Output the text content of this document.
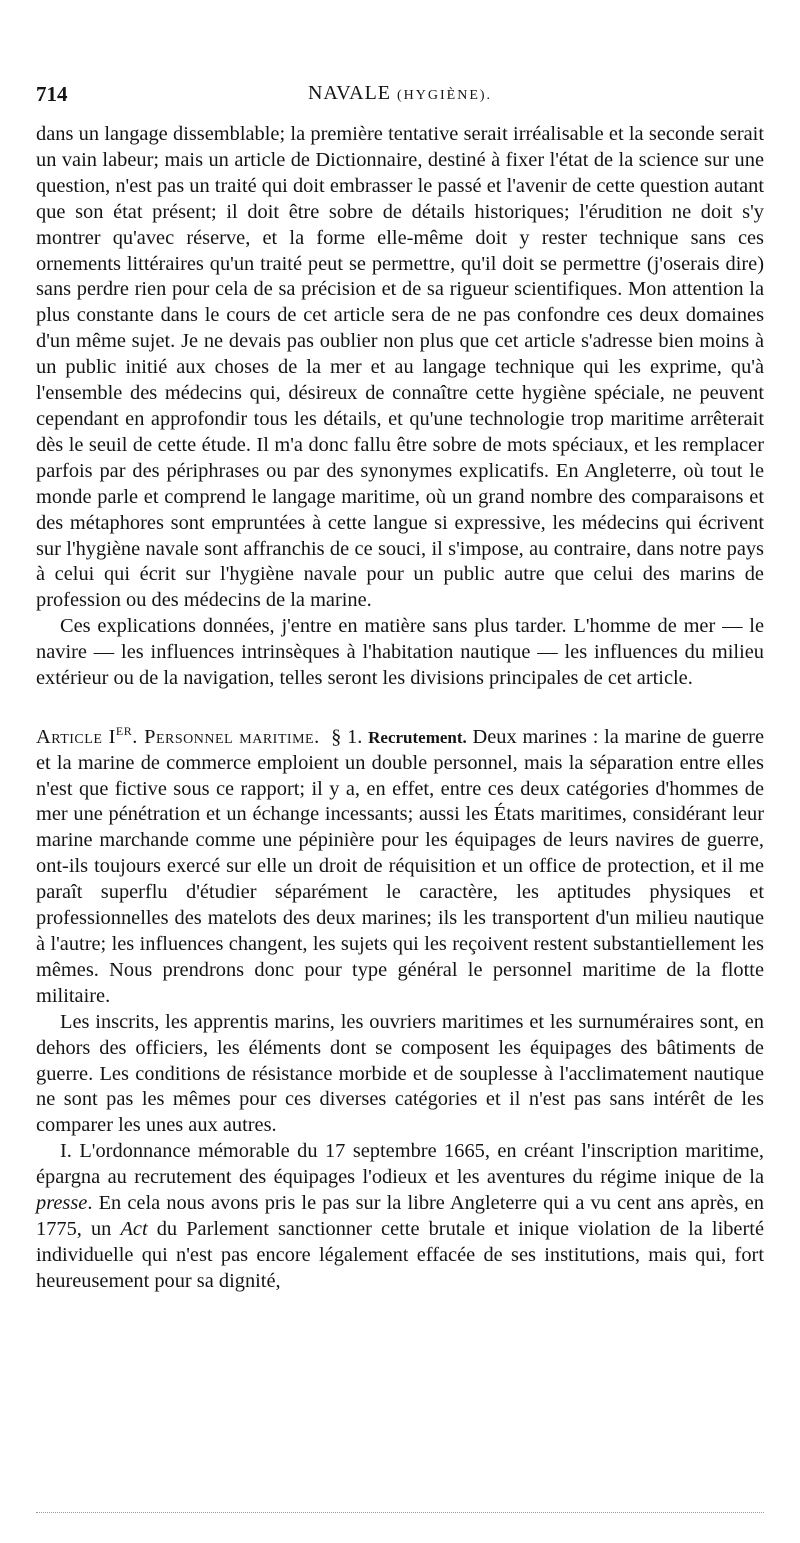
714	NAVALE (HYGIÈNE).

dans un langage dissemblable; la première tentative serait irréalisable et la seconde serait un vain labeur; mais un article de Dictionnaire, destiné à fixer l'état de la science sur une question, n'est pas un traité qui doit embrasser le passé et l'avenir de cette question autant que son état présent; il doit être sobre de détails historiques; l'érudition ne doit s'y montrer qu'avec réserve, et la forme elle-même doit y rester technique sans ces ornements littéraires qu'un traité peut se permettre, qu'il doit se permettre (j'oserais dire) sans perdre rien pour cela de sa précision et de sa rigueur scientifiques. Mon attention la plus constante dans le cours de cet article sera de ne pas confondre ces deux domaines d'un même sujet. Je ne devais pas oublier non plus que cet article s'adresse bien moins à un public initié aux choses de la mer et au langage technique qui les exprime, qu'à l'ensemble des médecins qui, désireux de connaître cette hygiène spéciale, ne peuvent cependant en approfondir tous les détails, et qu'une technologie trop maritime arrêterait dès le seuil de cette étude. Il m'a donc fallu être sobre de mots spéciaux, et les remplacer parfois par des périphrases ou par des synonymes explicatifs. En Angleterre, où tout le monde parle et comprend le langage maritime, où un grand nombre des comparaisons et des métaphores sont empruntées à cette langue si expressive, les médecins qui écrivent sur l'hygiène navale sont affranchis de ce souci, il s'impose, au contraire, dans notre pays à celui qui écrit sur l'hygiène navale pour un public autre que celui des marins de profession ou des médecins de la marine.

Ces explications données, j'entre en matière sans plus tarder. L'homme de mer — le navire — les influences intrinsèques à l'habitation nautique — les influences du milieu extérieur ou de la navigation, telles seront les divisions principales de cet article.

Article Ier. Personnel maritime. § 1. Recrutement. Deux marines : la marine de guerre et la marine de commerce emploient un double personnel, mais la séparation entre elles n'est que fictive sous ce rapport; il y a, en effet, entre ces deux catégories d'hommes de mer une pénétration et un échange incessants; aussi les États maritimes, considérant leur marine marchande comme une pépinière pour les équipages de leurs navires de guerre, ont-ils toujours exercé sur elle un droit de réquisition et un office de protection, et il me paraît superflu d'étudier séparément le caractère, les aptitudes physiques et professionnelles des matelots des deux marines; ils les transportent d'un milieu nautique à l'autre; les influences changent, les sujets qui les reçoivent restent substantiellement les mêmes. Nous prendrons donc pour type général le personnel maritime de la flotte militaire.

Les inscrits, les apprentis marins, les ouvriers maritimes et les surnuméraires sont, en dehors des officiers, les éléments dont se composent les équipages des bâtiments de guerre. Les conditions de résistance morbide et de souplesse à l'acclimatement nautique ne sont pas les mêmes pour ces diverses catégories et il n'est pas sans intérêt de les comparer les unes aux autres.

I. L'ordonnance mémorable du 17 septembre 1665, en créant l'inscription maritime, épargna au recrutement des équipages l'odieux et les aventures du régime inique de la presse. En cela nous avons pris le pas sur la libre Angleterre qui a vu cent ans après, en 1775, un Act du Parlement sanctionner cette brutale et inique violation de la liberté individuelle qui n'est pas encore légalement effacée de ses institutions, mais qui, fort heureusement pour sa dignité,
